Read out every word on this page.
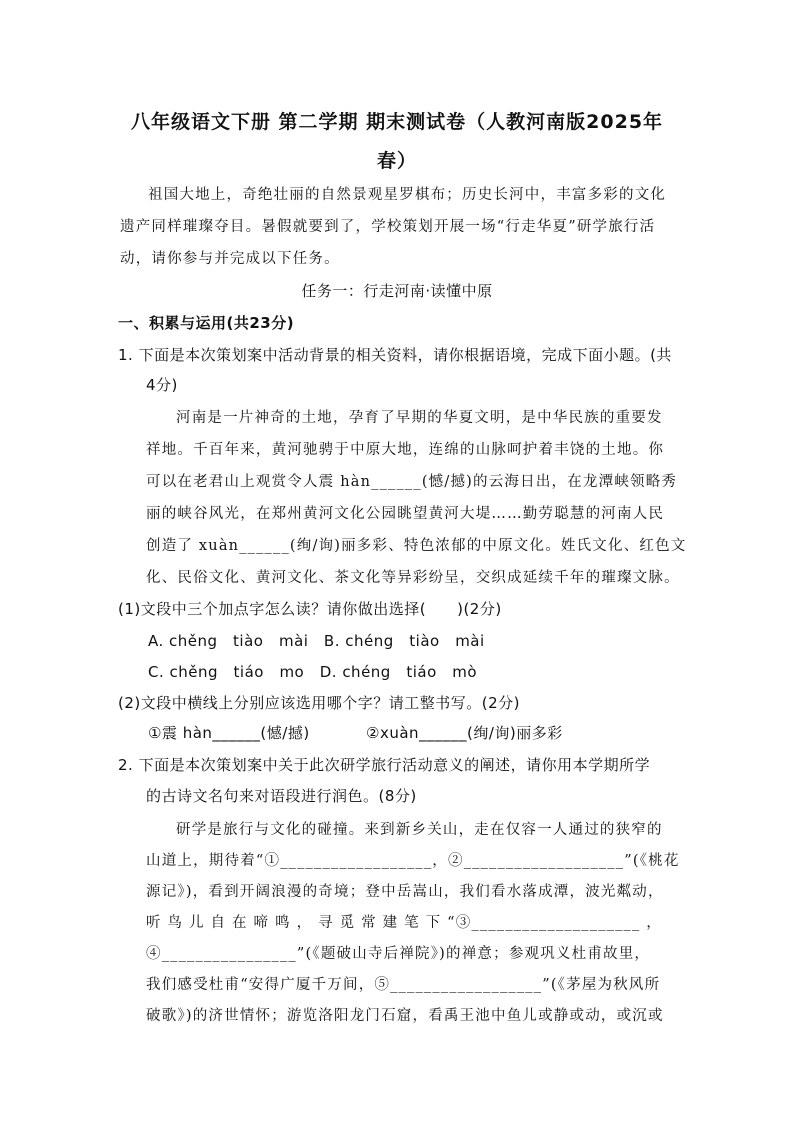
八年级语文下册 第二学期 期末测试卷（人教河南版2025年
春）
祖国大地上，奇绝壮丽的自然景观星罗棋布；历史长河中，丰富多彩的文化
遗产同样璀璨夺目。暑假就要到了，学校策划开展一场“行走华夏”研学旅行活
动，请你参与并完成以下任务。
任务一：行走河南·读懂中原
一、积累与运用(共23分)
1. 下面是本次策划案中活动背景的相关资料，请你根据语境，完成下面小题。(共
4分)
河南是一片神奇的土地，孕育了早期的华夏文明，是中华民族的重要发
祥地。千百年来，黄河驰骋于中原大地，连绵的山脉呵护着丰饶的土地。你
可以在老君山上观赏令人震 hàn______(憾/撼)的云海日出，在龙潭峡领略秀
丽的峡谷风光，在郑州黄河文化公园眺望黄河大堤……勤劳聪慧的河南人民
创造了 xuàn______(绚/询)丽多彩、特色浓郁的中原文化。姓氏文化、红色文
化、民俗文化、黄河文化、茶文化等异彩纷呈，交织成延续千年的璀璨文脉。
(1)文段中三个加点字怎么读？请你做出选择(　　)(2分)
A. chěng　tiào　mài　B. chéng　tiào　mài
C. chěng　tiáo　mo　D. chéng　tiáo　mò
(2)文段中横线上分别应该选用哪个字？请工整书写。(2分)
①震 hàn______(憾/撼)	②xuàn______(绚/询)丽多彩
2. 下面是本次策划案中关于此次研学旅行活动意义的阐述，请你用本学期所学
的古诗文名句来对语段进行润色。(8分)
研学是旅行与文化的碰撞。来到新乡关山，走在仅容一人通过的狭窄的
山道上，期待着“①__________________，②___________________”(《桃花
源记》)，看到开阔浪漫的奇境；登中岳嵩山，我们看水落成潭，波光粼动，
听 鸟 儿 自 在 啼 鸣 ， 寻 觅 常 建 笔 下 “③____________________ ，
④________________”(《题破山寺后禅院》)的禅意；参观巩义杜甫故里，
我们感受杜甫“安得广厦千万间，⑤__________________”(《茅屋为秋风所
破歌》)的济世情怀；游览洛阳龙门石窟，看禹王池中鱼儿或静或动，或沉或
